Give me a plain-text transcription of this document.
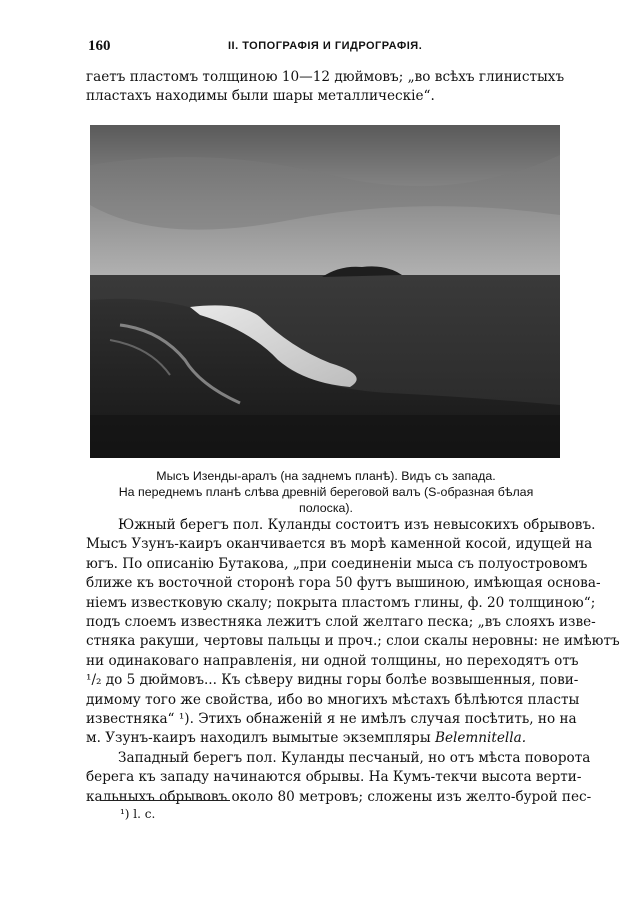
160	II. ТОПОГРАФІЯ И ГИДРОГРАФІЯ.
гаетъ пластомъ толщиною 10—12 дюймовъ; „во всѣхъ глинистыхъ
пластахъ находимы были шары металлическіе“.
Мысъ Изенды-аралъ (на заднемъ планѣ). Видъ съ запада.
На переднемъ планѣ слѣва древній береговой валъ (S-образная бѣлая
полоска).
Южный берегъ пол. Куланды состоитъ изъ невысокихъ обрывовъ.
Мысъ Узунъ-каиръ оканчивается въ морѣ каменной косой, идущей на
югъ. По описанію Бутакова, „при соединеніи мыса съ полуостровомъ
ближе къ восточной сторонѣ гора 50 футъ вышиною, имѣющая основа-
ніемъ известковую скалу; покрыта пластомъ глины, ф. 20 толщиною“;
подъ слоемъ известняка лежитъ слой желтаго песка; „въ слояхъ изве-
стняка ракуши, чертовы пальцы и проч.; слои скалы неровны: не имѣютъ
ни одинаковаго направленія, ни одной толщины, но переходятъ отъ
¹/₂ до 5 дюймовъ... Къ сѣверу видны горы болѣе возвышенныя, пови-
димому того же свойства, ибо во многихъ мѣстахъ бѣлѣются пласты
известняка“ ¹). Этихъ обнаженій я не имѣлъ случая посѣтить, но на
м. Узунъ-каиръ находилъ вымытые экземпляры Belemnitella.
Западный берегъ пол. Куланды песчаный, но отъ мѣста поворота
берега къ западу начинаются обрывы. На Кумъ-текчи высота верти-
кальныхъ обрывовъ около 80 метровъ; сложены изъ желто-бурой пес-
¹) l. c.
